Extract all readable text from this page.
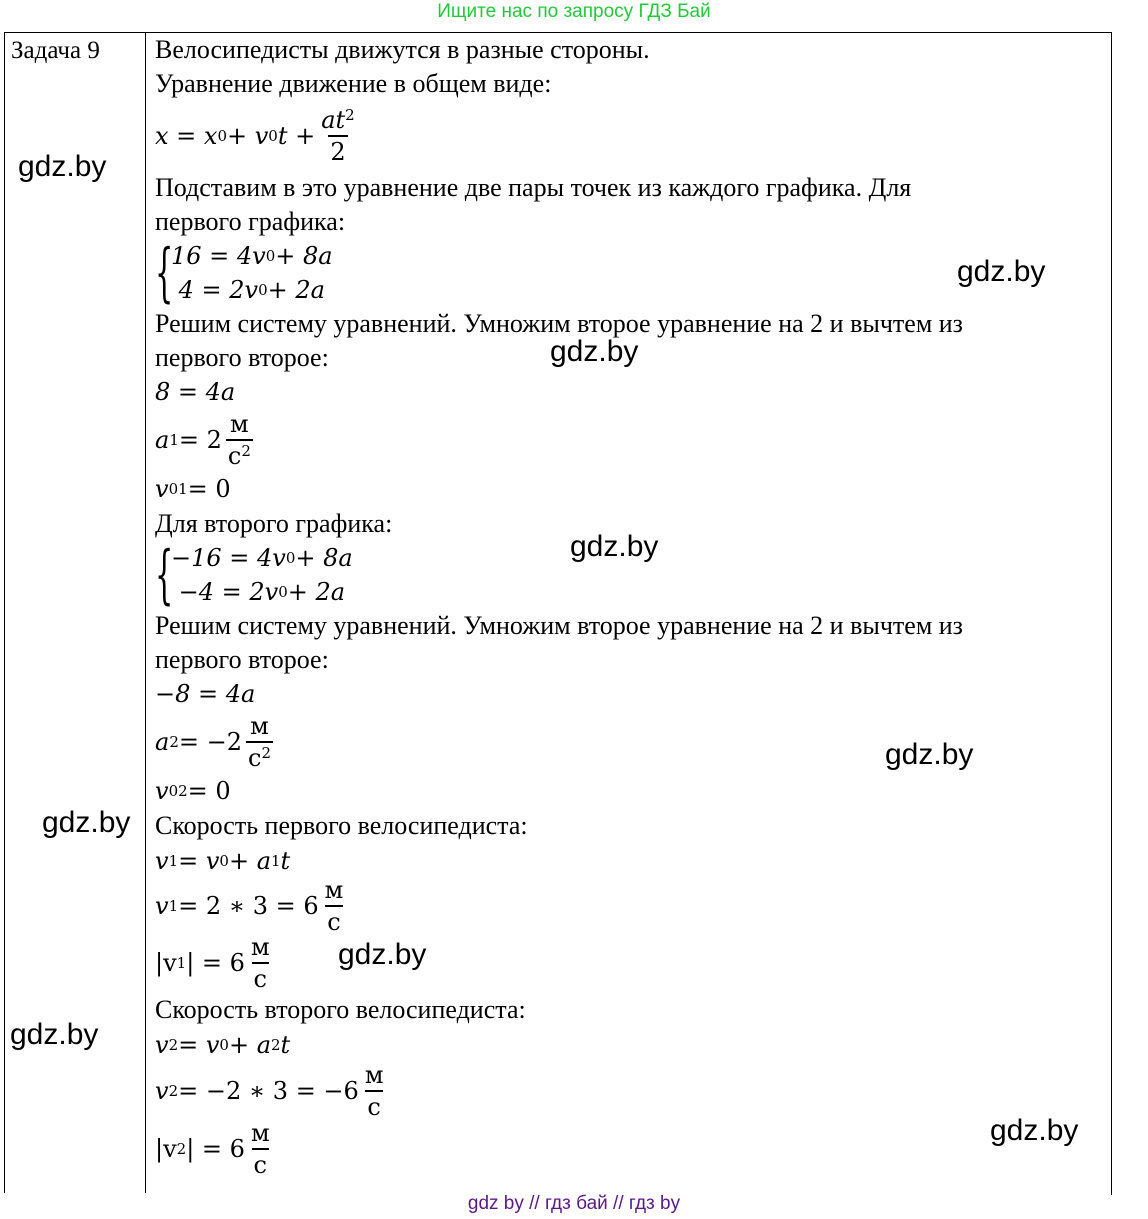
Ищите нас по запросу ГДЗ Бай
Задача 9 Велосипедисты движутся в разные стороны.
Уравнение движение в общем виде:
x = x 0 + v 0 $t + \frac{at^2}{2}$
Подставим в это уравнение две пары точек из каждого графика. Для
первого графика:
{
16 = 4v 0 + 8a

4 = 2v 0 + 2a
Решим систему уравнений. Умножим второе уравнение на 2 и вычтем из
первого второе:
8 = 4a
a $1 = 2 \frac{м}{с^2}$
v 01 = 0
Для второго графика:
{
−16 = 4v 0 + 8a

−4 = 2v 0 + 2a
Решим систему уравнений. Умножим второе уравнение на 2 и вычтем из
первого второе:
−8 = 4a
a $2 = -2 \frac{м}{с^2}$
v 02 = 0
Скорость первого велосипедиста:
v 1 = v 0 + a 1 t
v 1 = 2 ∗ $3 = 6 \frac{м}{с}$
|v 1 | = $6 \frac{м}{с}$
Скорость второго велосипедиста:
v 2 = v 0 + a 2 t
v 2 = −2 ∗ $3 = -6 \frac{м}{с}$
|v 2 | = $6 \frac{м}{с}$
gdz.by
gdz.by
gdz.by
gdz.by
gdz.by
gdz.by
gdz.by
gdz.by
gdz.by
gdz by // гдз бай // гдз by
